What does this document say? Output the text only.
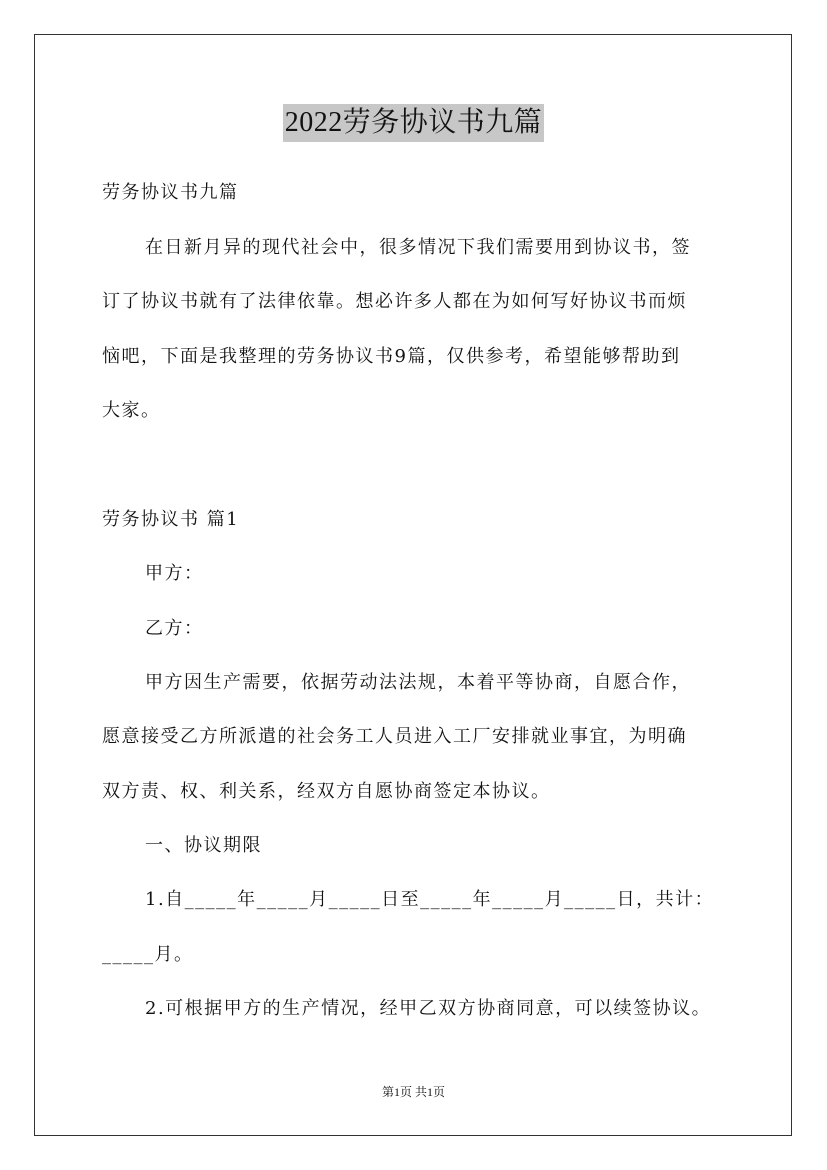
2022劳务协议书九篇
劳务协议书九篇
在日新月异的现代社会中，很多情况下我们需要用到协议书，签
订了协议书就有了法律依靠。想必许多人都在为如何写好协议书而烦
恼吧，下面是我整理的劳务协议书9篇，仅供参考，希望能够帮助到
大家。
劳务协议书 篇1
甲方：
乙方：
甲方因生产需要，依据劳动法法规，本着平等协商，自愿合作，
愿意接受乙方所派遣的社会务工人员进入工厂安排就业事宜，为明确
双方责、权、利关系，经双方自愿协商签定本协议。
一、协议期限
1.自_____年_____月_____日至_____年_____月_____日，共计：
_____月。
2.可根据甲方的生产情况，经甲乙双方协商同意，可以续签协议。
第1页 共1页
